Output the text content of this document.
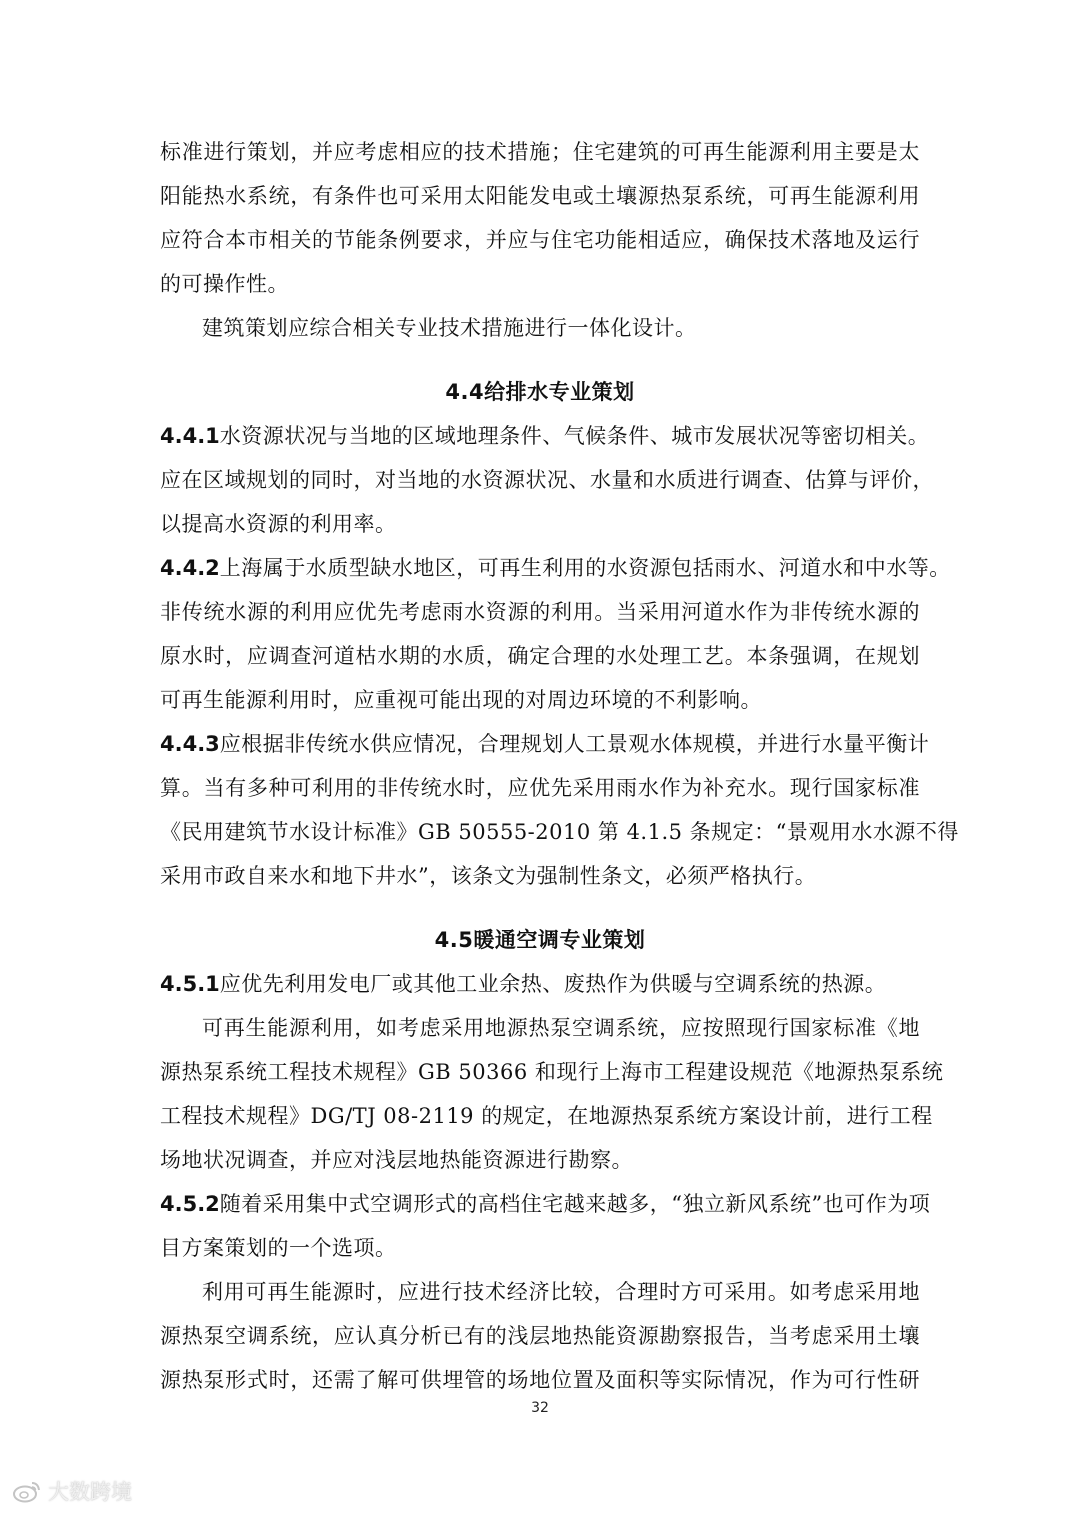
标准进行策划，并应考虑相应的技术措施；住宅建筑的可再生能源利用主要是太
阳能热水系统，有条件也可采用太阳能发电或土壤源热泵系统，可再生能源利用
应符合本市相关的节能条例要求，并应与住宅功能相适应，确保技术落地及运行
的可操作性。
建筑策划应综合相关专业技术措施进行一体化设计。
4.4给排水专业策划
4.4.1水资源状况与当地的区域地理条件、气候条件、城市发展状况等密切相关。
应在区域规划的同时，对当地的水资源状况、水量和水质进行调查、估算与评价，
以提高水资源的利用率。
4.4.2上海属于水质型缺水地区，可再生利用的水资源包括雨水、河道水和中水等。
非传统水源的利用应优先考虑雨水资源的利用。当采用河道水作为非传统水源的
原水时，应调查河道枯水期的水质，确定合理的水处理工艺。本条强调，在规划
可再生能源利用时，应重视可能出现的对周边环境的不利影响。
4.4.3应根据非传统水供应情况，合理规划人工景观水体规模，并进行水量平衡计
算。当有多种可利用的非传统水时，应优先采用雨水作为补充水。现行国家标准
《民用建筑节水设计标准》GB 50555-2010 第 4.1.5 条规定：“景观用水水源不得
采用市政自来水和地下井水”，该条文为强制性条文，必须严格执行。
4.5暖通空调专业策划
4.5.1应优先利用发电厂或其他工业余热、废热作为供暖与空调系统的热源。
可再生能源利用，如考虑采用地源热泵空调系统，应按照现行国家标准《地
源热泵系统工程技术规程》GB 50366 和现行上海市工程建设规范《地源热泵系统
工程技术规程》DG/TJ 08-2119 的规定，在地源热泵系统方案设计前，进行工程
场地状况调查，并应对浅层地热能资源进行勘察。
4.5.2随着采用集中式空调形式的高档住宅越来越多，“独立新风系统”也可作为项
目方案策划的一个选项。
利用可再生能源时，应进行技术经济比较，合理时方可采用。如考虑采用地
源热泵空调系统，应认真分析已有的浅层地热能资源勘察报告，当考虑采用土壤
源热泵形式时，还需了解可供埋管的场地位置及面积等实际情况，作为可行性研
32
大数跨境
